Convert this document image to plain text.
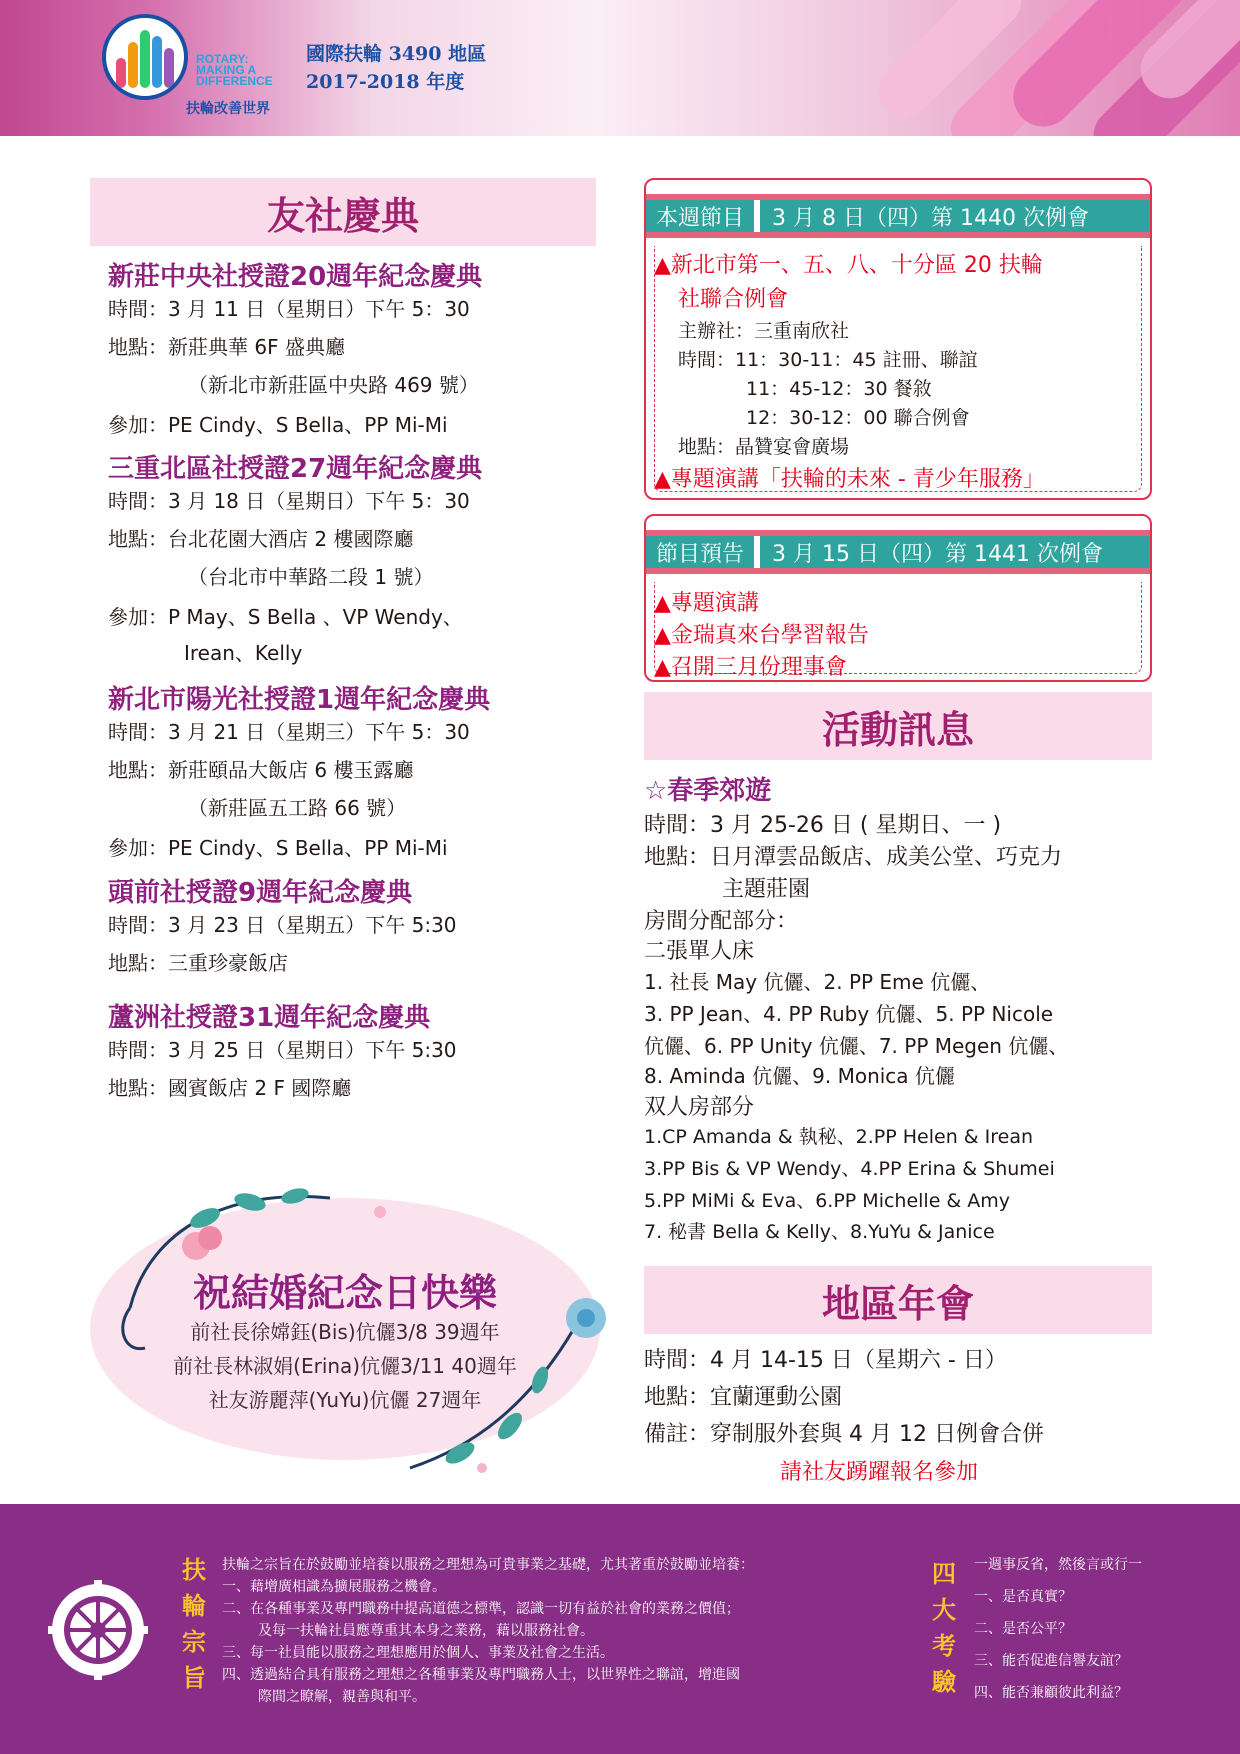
ROTARY:
MAKING A
DIFFERENCE
扶輪改善世界
國際扶輪 3490 地區
2017-2018 年度
友社慶典
新莊中央社授證20週年紀念慶典
時間：3 月 11 日（星期日）下午 5：30
地點：新莊典華 6F 盛典廳
（新北市新莊區中央路 469 號）
參加：PE Cindy、S Bella、PP Mi-Mi
三重北區社授證27週年紀念慶典
時間：3 月 18 日（星期日）下午 5：30
地點：台北花園大酒店 2 樓國際廳
（台北市中華路二段 1 號）
參加：P May、S Bella 、VP Wendy、
Irean、Kelly
新北市陽光社授證1週年紀念慶典
時間：3 月 21 日（星期三）下午 5：30
地點：新莊頤品大飯店 6 樓玉露廳
（新莊區五工路 66 號）
參加：PE Cindy、S Bella、PP Mi-Mi
頭前社授證9週年紀念慶典
時間：3 月 23 日（星期五）下午 5:30
地點：三重珍豪飯店
蘆洲社授證31週年紀念慶典
時間：3 月 25 日（星期日）下午 5:30
地點：國賓飯店 2 F 國際廳
祝結婚紀念日快樂
前社長徐嫦鈺(Bis)伉儷3/8 39週年
前社長林淑娟(Erina)伉儷3/11 40週年
社友游麗萍(YuYu)伉儷 27週年
本週節目	3 月 8 日（四）第 1440 次例會
▲新北市第一、五、八、十分區 20 扶輪
社聯合例會
主辦社：三重南欣社
時間：11：30-11：45 註冊、聯誼
11：45-12：30 餐敘
12：30-12：00 聯合例會
地點：晶贊宴會廣場
▲專題演講「扶輪的未來 - 青少年服務」
節目預告	3 月 15 日（四）第 1441 次例會
▲專題演講
▲金瑞真來台學習報告
▲召開三月份理事會
活動訊息
☆春季郊遊
時間：3 月 25-26 日 ( 星期日、一 )
地點：日月潭雲品飯店、成美公堂、巧克力
主題莊園
房間分配部分：
二張單人床
1. 社長 May 伉儷、2. PP Eme 伉儷、
3. PP Jean、4. PP Ruby 伉儷、5. PP Nicole
伉儷、6. PP Unity 伉儷、7. PP Megen 伉儷、
8. Aminda 伉儷、9. Monica 伉儷
双人房部分
1.CP Amanda & 執秘、2.PP Helen & Irean
3.PP Bis & VP Wendy、4.PP Erina & Shumei
5.PP MiMi & Eva、6.PP Michelle & Amy
7. 秘書 Bella & Kelly、8.YuYu & Janice
地區年會
時間：4 月 14-15 日（星期六 - 日）
地點：宜蘭運動公園
備註：穿制服外套與 4 月 12 日例會合併
請社友踴躍報名參加
扶
輪
宗
旨
扶輪之宗旨在於鼓勵並培養以服務之理想為可貴事業之基礎，尤其著重於鼓勵並培養：
一、藉增廣相識為擴展服務之機會。
二、在各種事業及專門職務中提高道德之標準，認識一切有益於社會的業務之價值；
及每一扶輪社員應尊重其本身之業務，藉以服務社會。
三、每一社員能以服務之理想應用於個人、事業及社會之生活。
四、透過結合具有服務之理想之各種事業及專門職務人士，以世界性之聯誼，增進國
際間之瞭解，親善與和平。
四
大
考
驗
一週事反省，然後言或行一
一、是否真實？
二、是否公平？
三、能否促進信譽友誼？
四、能否兼顧彼此利益？
